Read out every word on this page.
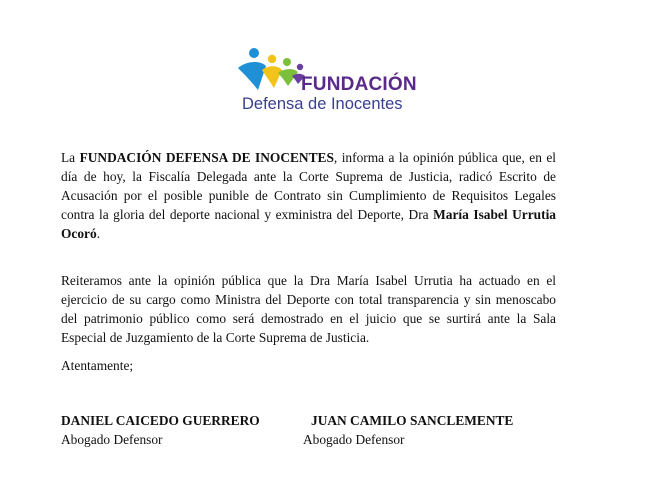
FUNDACIÓN
Defensa de Inocentes
La FUNDACIÓN DEFENSA DE INOCENTES, informa a la opinión pública que, en el día de hoy, la Fiscalía Delegada ante la Corte Suprema de Justicia, radicó Escrito de Acusación por el posible punible de Contrato sin Cumplimiento de Requisitos Legales contra la gloria del deporte nacional y exministra del Deporte, Dra María Isabel Urrutia Ocoró.
Reiteramos ante la opinión pública que la Dra María Isabel Urrutia ha actuado en el ejercicio de su cargo como Ministra del Deporte con total transparencia y sin menoscabo del patrimonio público como será demostrado en el juicio que se surtirá ante la Sala Especial de Juzgamiento de la Corte Suprema de Justicia.
Atentamente;
DANIEL CAICEDO GUERRERO
Abogado Defensor
JUAN CAMILO SANCLEMENTE
Abogado Defensor
